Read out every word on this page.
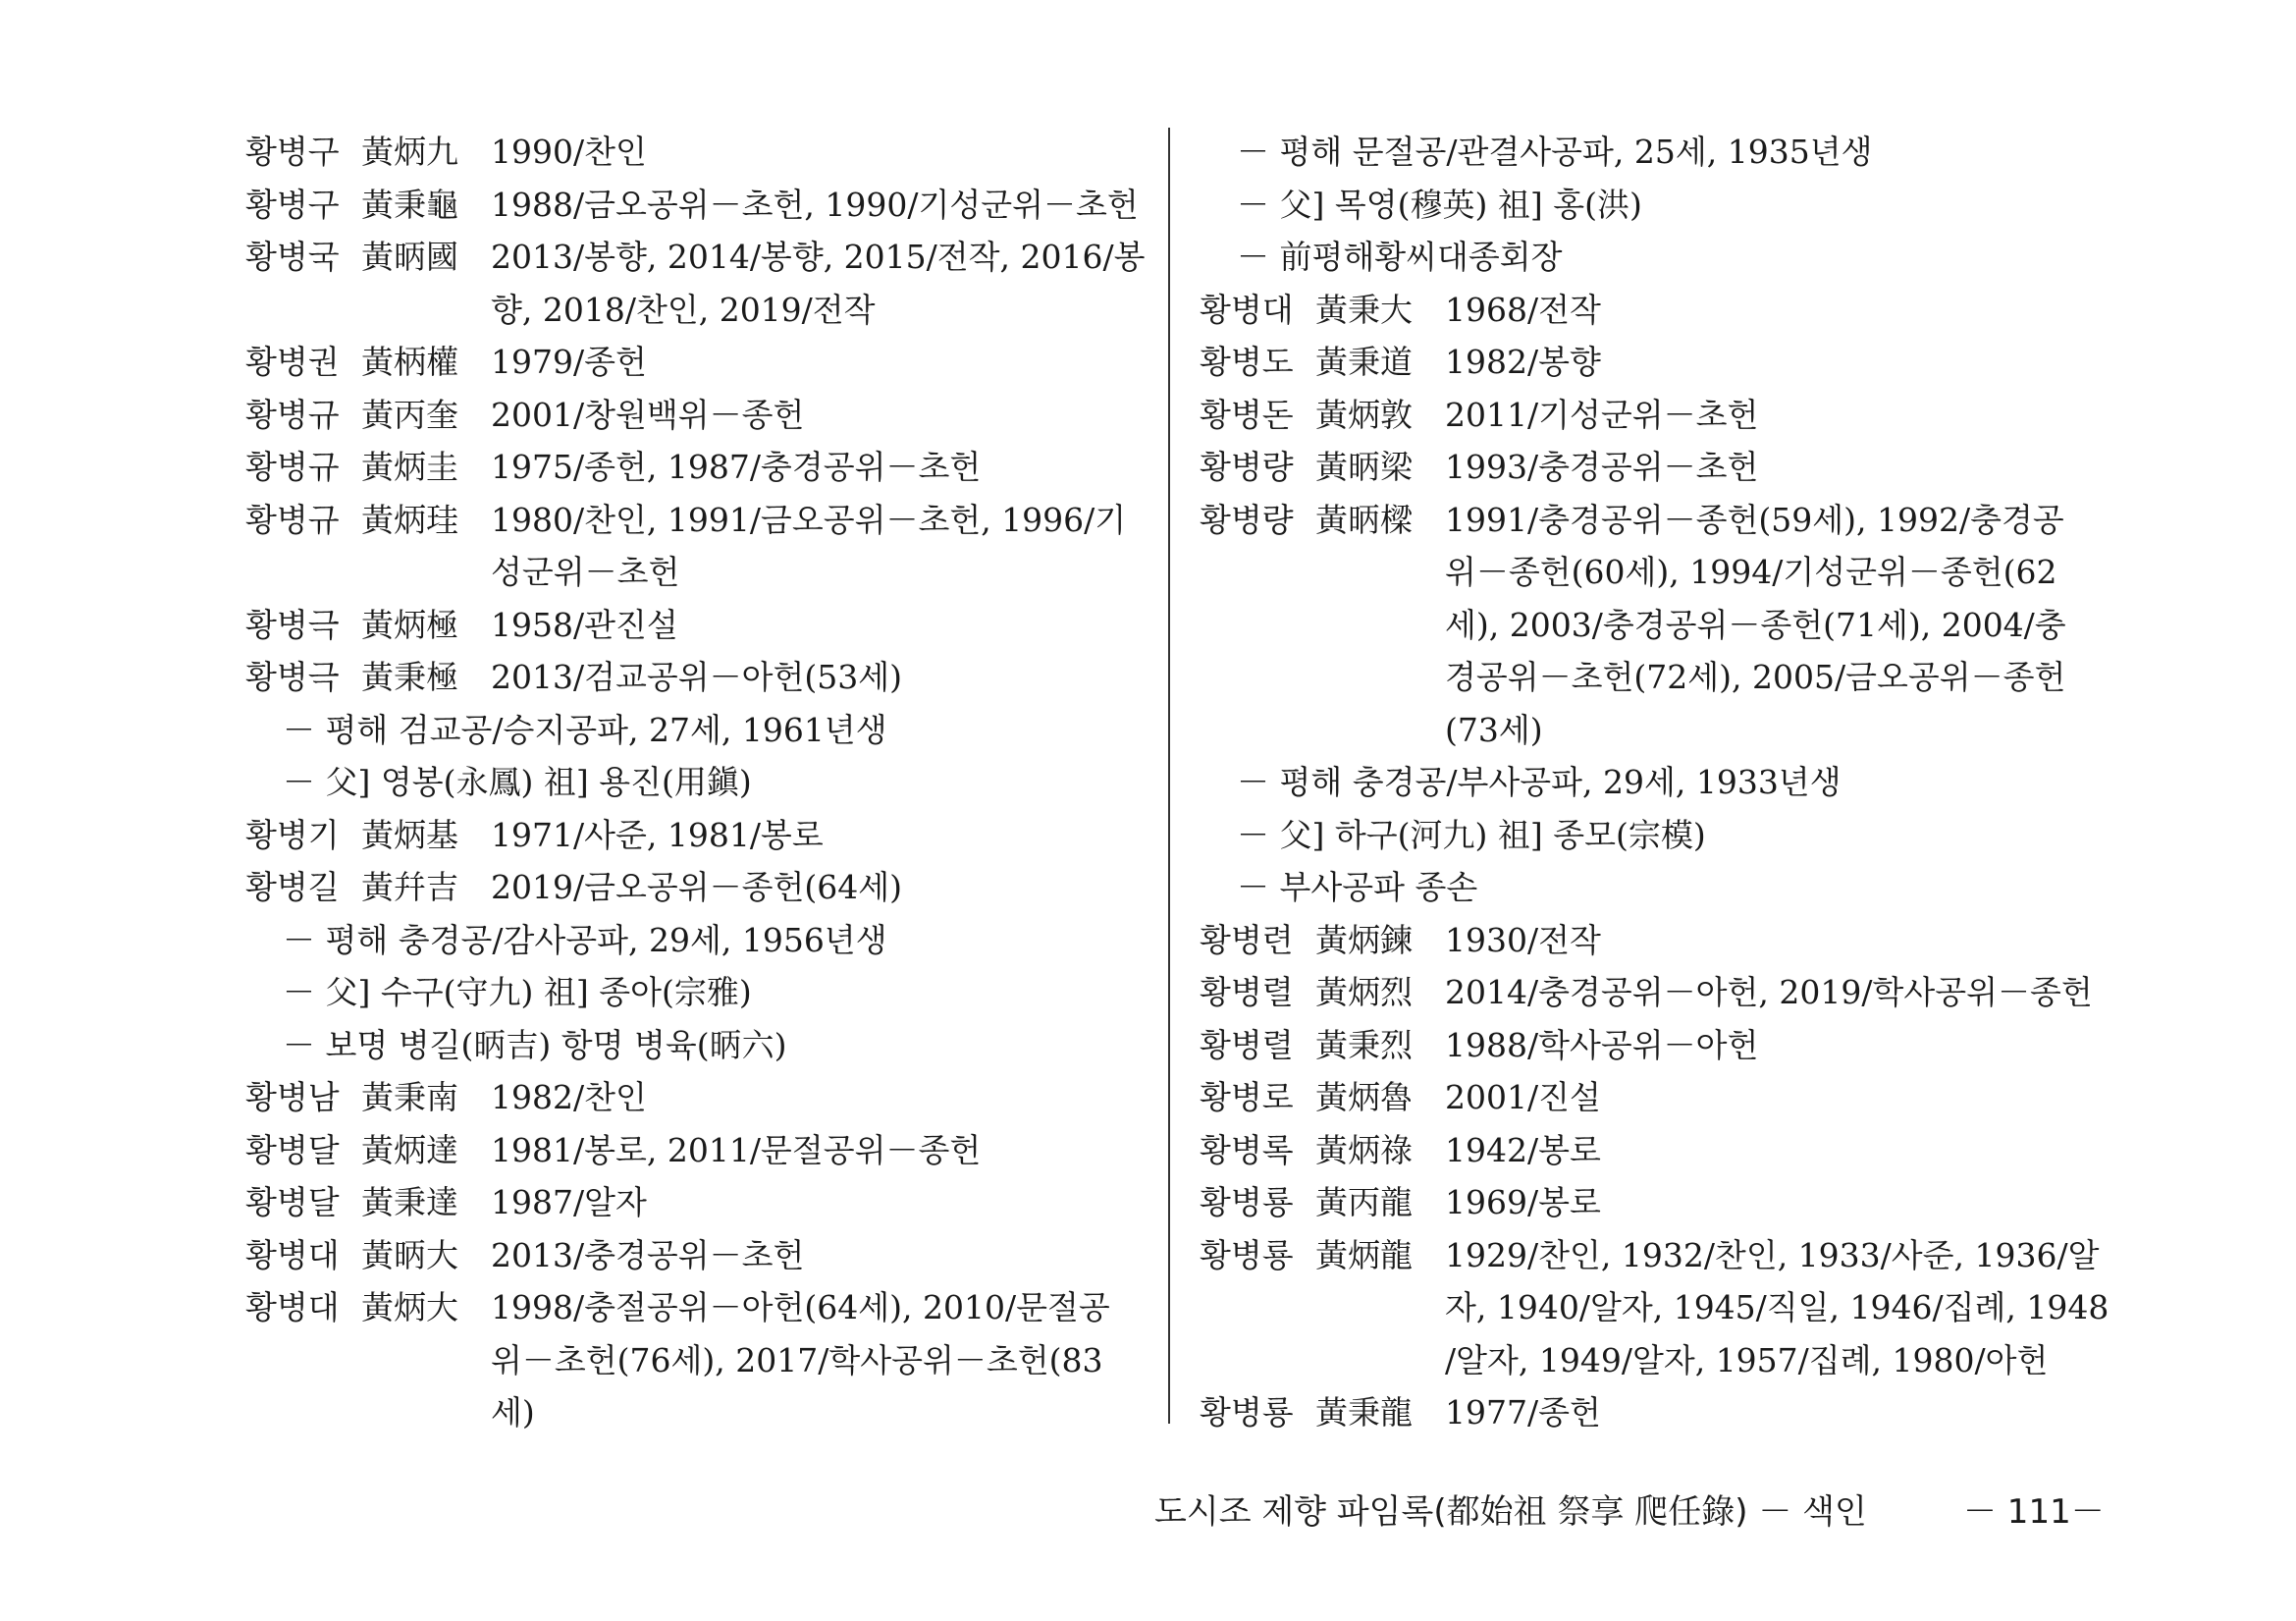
황병구 黃炳九 1990/찬인
황병구 黃秉龜 1988/금오공위－초헌, 1990/기성군위－초헌
황병국 黃昞國 2013/봉향, 2014/봉향, 2015/전작, 2016/봉
향, 2018/찬인, 2019/전작
황병권 黃柄權 1979/종헌
황병규 黃丙奎 2001/창원백위－종헌
황병규 黃炳圭 1975/종헌, 1987/충경공위－초헌
황병규 黃炳珪 1980/찬인, 1991/금오공위－초헌, 1996/기
성군위－초헌
황병극 黃炳極 1958/관진설
황병극 黃秉極 2013/검교공위－아헌(53세)
－ 평해 검교공/승지공파, 27세, 1961년생
－ 父] 영봉(永鳳) 祖] 용진(用鎭)
황병기 黃炳基 1971/사준, 1981/봉로
황병길 黃幷吉 2019/금오공위－종헌(64세)
－ 평해 충경공/감사공파, 29세, 1956년생
－ 父] 수구(守九) 祖] 종아(宗雅)
－ 보명 병길(昞吉) 항명 병육(昞六)
황병남 黃秉南 1982/찬인
황병달 黃炳達 1981/봉로, 2011/문절공위－종헌
황병달 黃秉達 1987/알자
황병대 黃昞大 2013/충경공위－초헌
황병대 黃炳大 1998/충절공위－아헌(64세), 2010/문절공
위－초헌(76세), 2017/학사공위－초헌(83
세)
－ 평해 문절공/관결사공파, 25세, 1935년생
－ 父] 목영(穆英) 祖] 홍(洪)
－ 前평해황씨대종회장
황병대 黃秉大 1968/전작
황병도 黃秉道 1982/봉향
황병돈 黃炳敦 2011/기성군위－초헌
황병량 黃昞梁 1993/충경공위－초헌
황병량 黃昞樑 1991/충경공위－종헌(59세), 1992/충경공
위－종헌(60세), 1994/기성군위－종헌(62
세), 2003/충경공위－종헌(71세), 2004/충
경공위－초헌(72세), 2005/금오공위－종헌
(73세)
－ 평해 충경공/부사공파, 29세, 1933년생
－ 父] 하구(河九) 祖] 종모(宗模)
－ 부사공파 종손
황병련 黃炳鍊 1930/전작
황병렬 黃炳烈 2014/충경공위－아헌, 2019/학사공위－종헌
황병렬 黃秉烈 1988/학사공위－아헌
황병로 黃炳魯 2001/진설
황병록 黃炳祿 1942/봉로
황병룡 黃丙龍 1969/봉로
황병룡 黃炳龍 1929/찬인, 1932/찬인, 1933/사준, 1936/알
자, 1940/알자, 1945/직일, 1946/집례, 1948
/알자, 1949/알자, 1957/집례, 1980/아헌
황병룡 黃秉龍 1977/종헌
도시조 제향 파임록(都始祖 祭享 爬任錄) － 색인	－ 111－
